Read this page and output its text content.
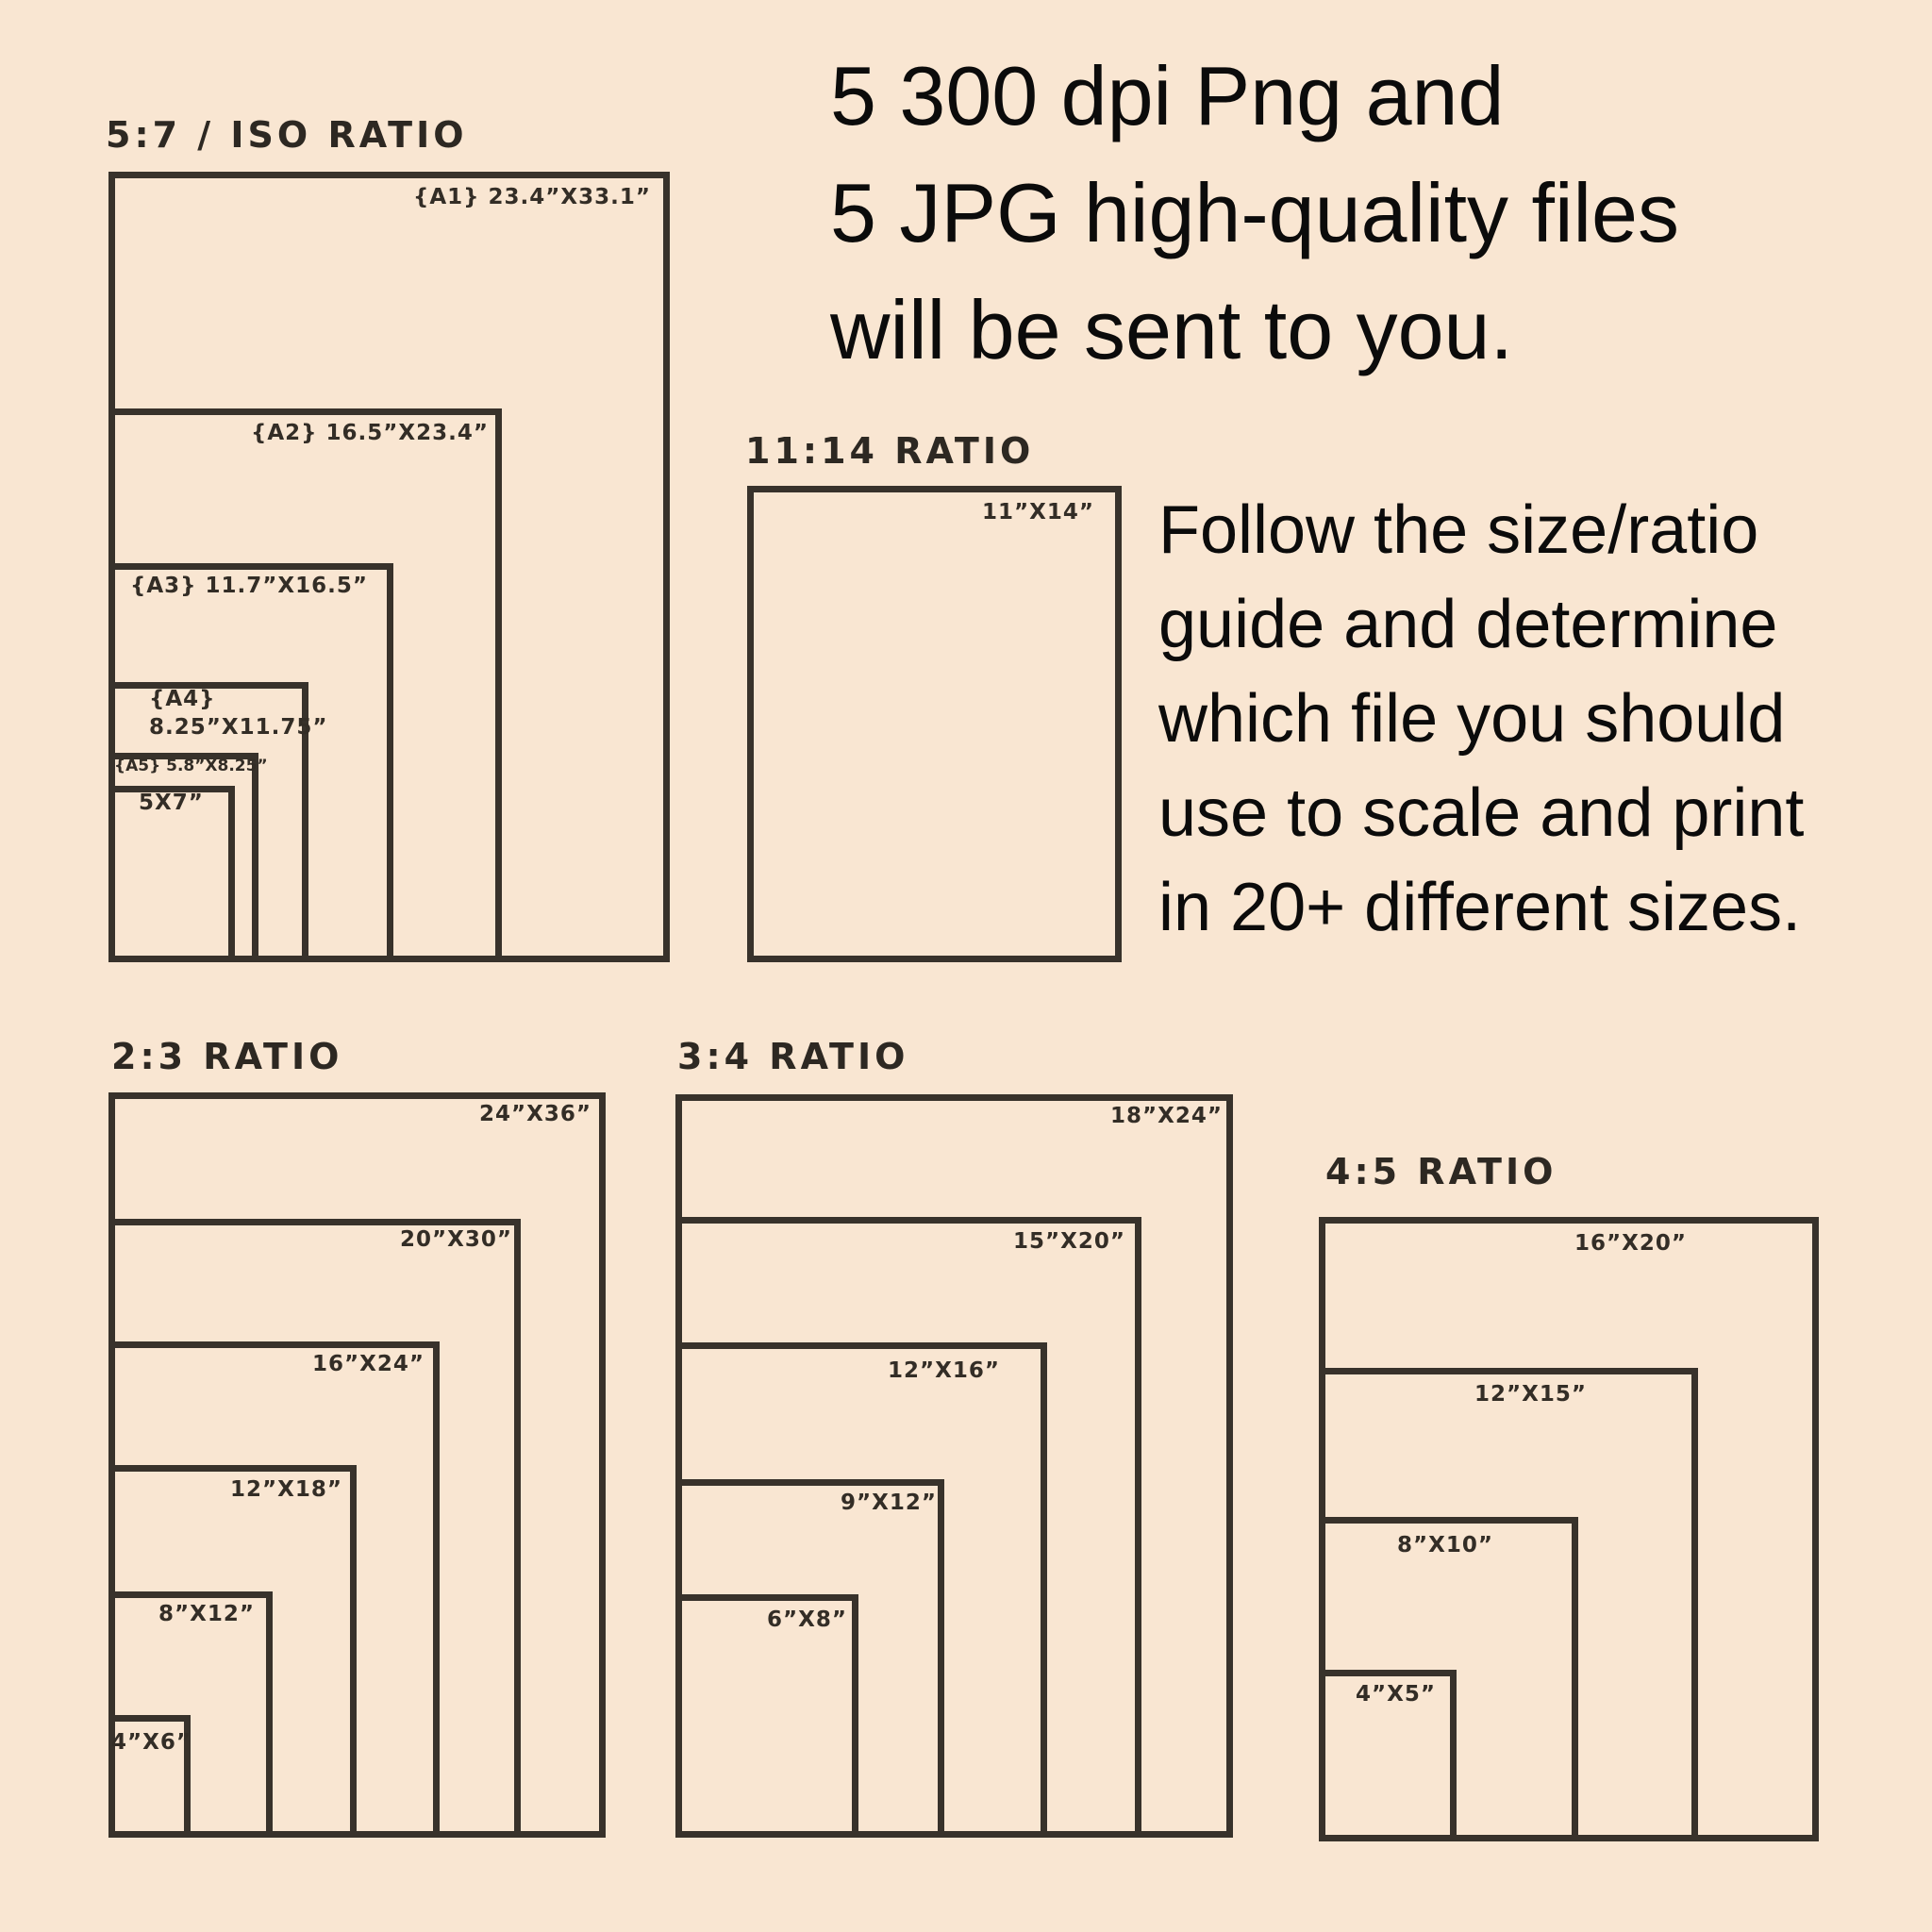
5:7 / ISO RATIO
{A1} 23.4”X33.1”
{A2} 16.5”X23.4”
{A3} 11.7”X16.5”
{A4}
8.25”X11.75”
{A5} 5.8”X8.25”
5X7”
11:14 RATIO
11”X14”
5 300 dpi Png and
5 JPG high-quality files
will be sent to you.
Follow the size/ratio
guide and determine
which file you should
use to scale and print
in 20+ different sizes.
2:3 RATIO
24”X36”
20”X30”
16”X24”
12”X18”
8”X12”
4”X6”
3:4 RATIO
18”X24”
15”X20”
12”X16”
9”X12”
6”X8”
4:5 RATIO
16”X20”
12”X15”
8”X10”
4”X5”
